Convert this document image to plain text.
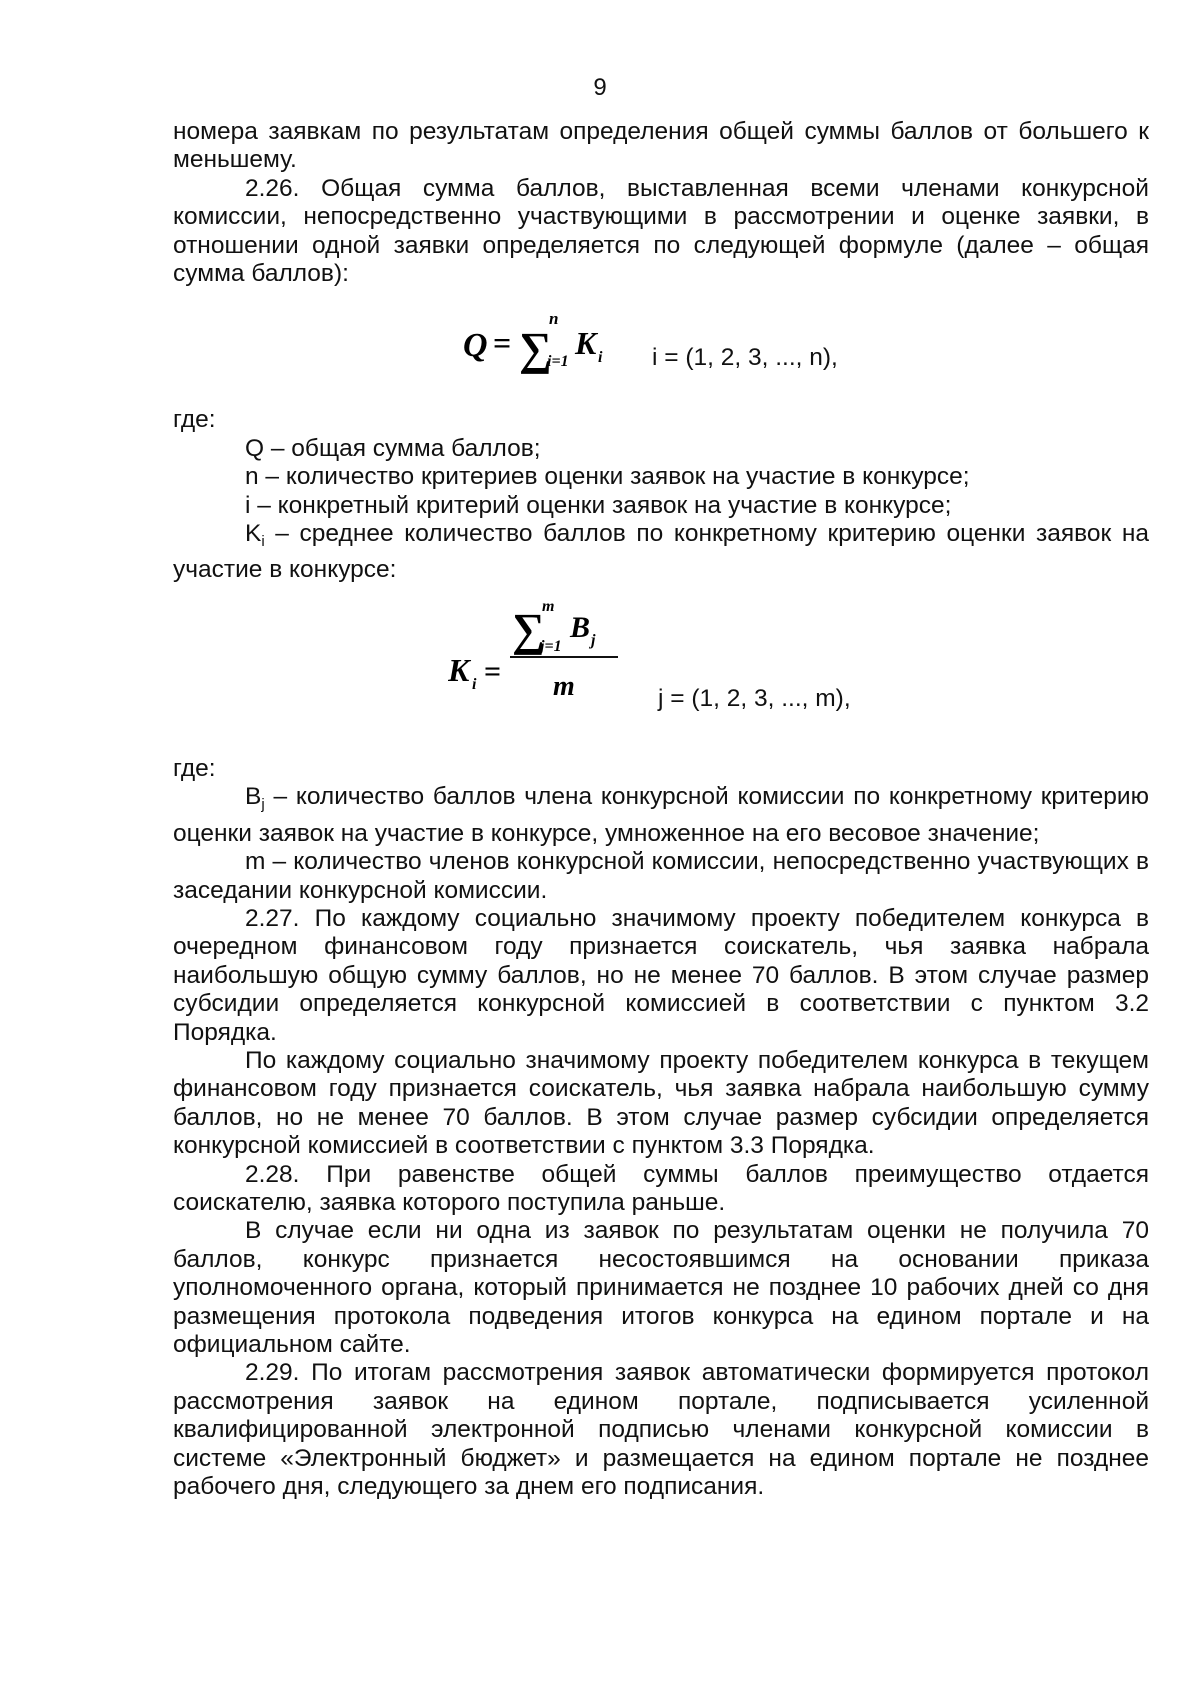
9

номера заявкам по результатам определения общей суммы баллов от большего к меньшему.

2.26. Общая сумма баллов, выставленная всеми членами конкурсной комиссии, непосредственно участвующими в рассмотрении и оценке заявки, в отношении одной заявки определяется по следующей формуле (далее – общая сумма баллов):

Q = ∑
n
i=1
K i i = (1, 2, 3, ..., n),

где:

Q – общая сумма баллов;

n – количество критериев оценки заявок на участие в конкурсе;

i – конкретный критерий оценки заявок на участие в конкурсе;

$K_i$ – среднее количество баллов по конкретному критерию оценки заявок на участие в конкурсе:

K i =
∑
m
j=1
B j
m	j = (1, 2, 3, ..., m),

где:

$B_j$ – количество баллов члена конкурсной комиссии по конкретному критерию оценки заявок на участие в конкурсе, умноженное на его весовое значение;

m – количество членов конкурсной комиссии, непосредственно участвующих в заседании конкурсной комиссии.

2.27. По каждому социально значимому проекту победителем конкурса в очередном финансовом году признается соискатель, чья заявка набрала наибольшую общую сумму баллов, но не менее 70 баллов. В этом случае размер субсидии определяется конкурсной комиссией в соответствии с пунктом 3.2 Порядка.

По каждому социально значимому проекту победителем конкурса в текущем финансовом году признается соискатель, чья заявка набрала наибольшую сумму баллов, но не менее 70 баллов. В этом случае размер субсидии определяется конкурсной комиссией в соответствии с пунктом 3.3 Порядка.

2.28. При равенстве общей суммы баллов преимущество отдается соискателю, заявка которого поступила раньше.

В случае если ни одна из заявок по результатам оценки не получила 70 баллов, конкурс признается несостоявшимся на основании приказа уполномоченного органа, который принимается не позднее 10 рабочих дней со дня размещения протокола подведения итогов конкурса на едином портале и на официальном сайте.

2.29. По итогам рассмотрения заявок автоматически формируется протокол рассмотрения заявок на едином портале, подписывается усиленной квалифицированной электронной подписью членами конкурсной комиссии в системе «Электронный бюджет» и размещается на едином портале не позднее рабочего дня, следующего за днем его подписания.
